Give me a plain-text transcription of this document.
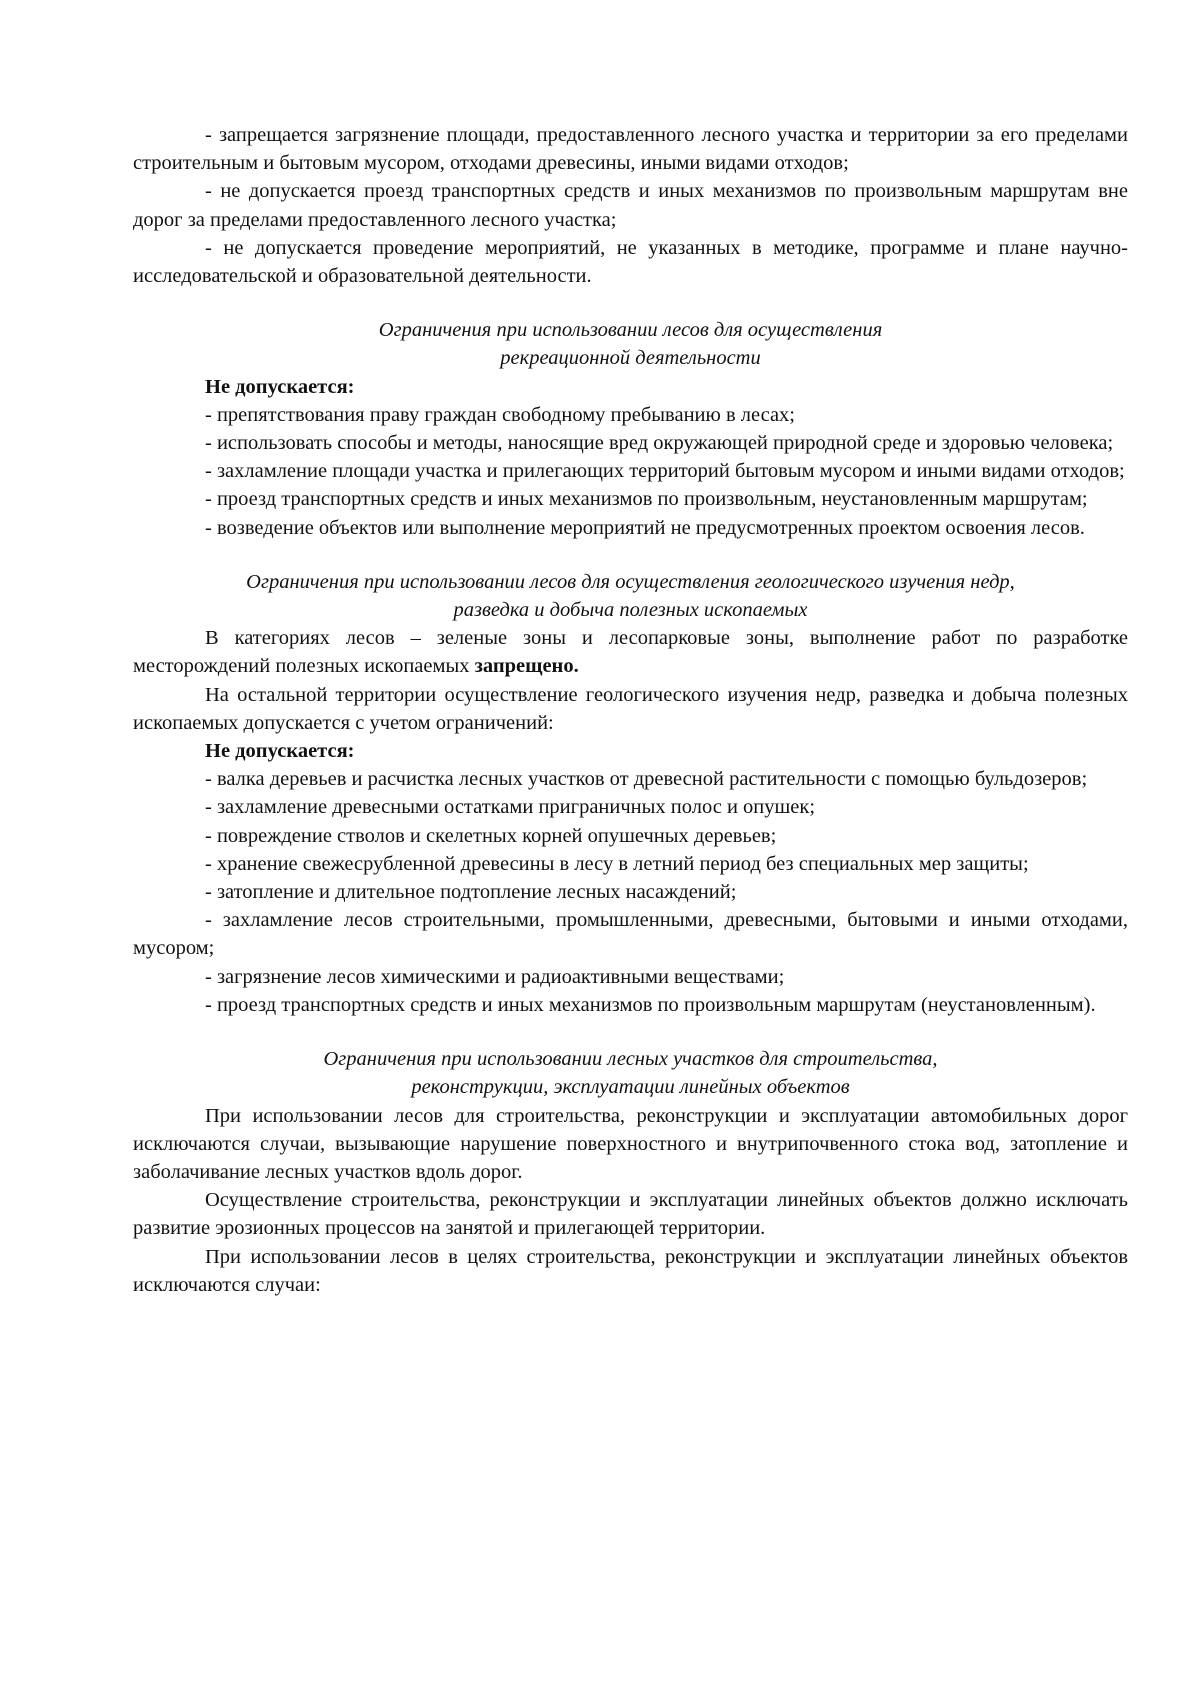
- запрещается загрязнение площади, предоставленного лесного участка и территории за его пределами строительным и бытовым мусором, отходами древесины, иными видами отходов;

- не допускается проезд транспортных средств и иных механизмов по произвольным маршрутам вне дорог за пределами предоставленного лесного участка;

- не допускается проведение мероприятий, не указанных в методике, программе и плане научно-исследовательской и образовательной деятельности.

Ограничения при использовании лесов для осуществления
рекреационной деятельности

Не допускается:

- препятствования праву граждан свободному пребыванию в лесах;

- использовать способы и методы, наносящие вред окружающей природной среде и здоровью человека;

- захламление площади участка и прилегающих территорий бытовым мусором и иными видами отходов;

- проезд транспортных средств и иных механизмов по произвольным, неустановленным маршрутам;

- возведение объектов или выполнение мероприятий не предусмотренных проектом освоения лесов.

Ограничения при использовании лесов для осуществления геологического изучения недр,
разведка и добыча полезных ископаемых

В категориях лесов – зеленые зоны и лесопарковые зоны, выполнение работ по разработке месторождений полезных ископаемых запрещено.

На остальной территории осуществление геологического изучения недр, разведка и добыча полезных ископаемых допускается с учетом ограничений:

Не допускается:

- валка деревьев и расчистка лесных участков от древесной растительности с помощью бульдозеров;

- захламление древесными остатками приграничных полос и опушек;

- повреждение стволов и скелетных корней опушечных деревьев;

- хранение свежесрубленной древесины в лесу в летний период без специальных мер защиты;

- затопление и длительное подтопление лесных насаждений;

- захламление лесов строительными, промышленными, древесными, бытовыми и иными отходами, мусором;

- загрязнение лесов химическими и радиоактивными веществами;

- проезд транспортных средств и иных механизмов по произвольным маршрутам (неустановленным).

Ограничения при использовании лесных участков для строительства,
реконструкции, эксплуатации линейных объектов

При использовании лесов для строительства, реконструкции и эксплуатации автомобильных дорог исключаются случаи, вызывающие нарушение поверхностного и внутрипочвенного стока вод, затопление и заболачивание лесных участков вдоль дорог.

Осуществление строительства, реконструкции и эксплуатации линейных объектов должно исключать развитие эрозионных процессов на занятой и прилегающей территории.

При использовании лесов в целях строительства, реконструкции и эксплуатации линейных объектов исключаются случаи:
